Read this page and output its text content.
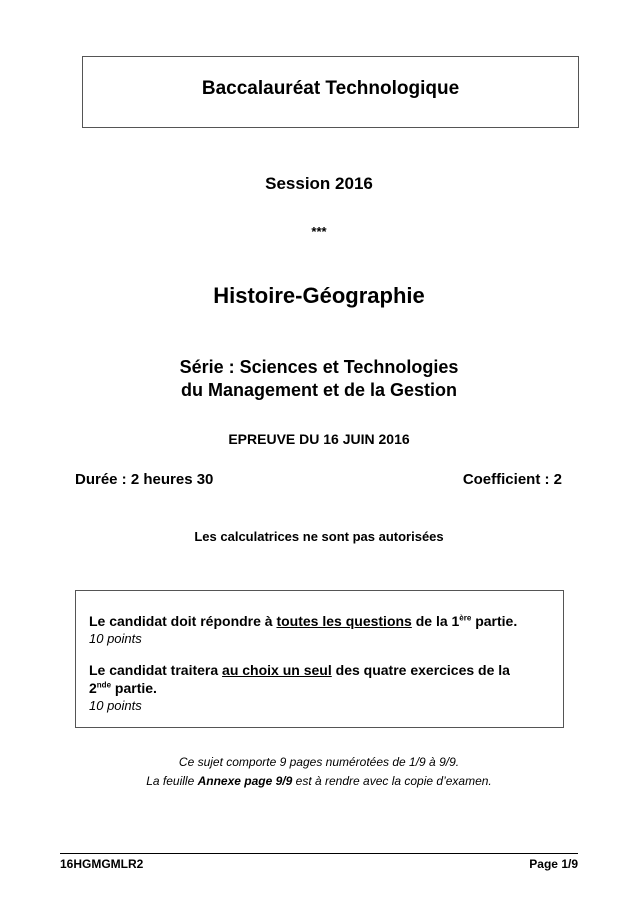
Baccalauréat Technologique
Session 2016
***
Histoire-Géographie
Série : Sciences et Technologies
du Management et de la Gestion
EPREUVE DU 16 JUIN 2016
Durée : 2 heures 30	Coefficient : 2
Les calculatrices ne sont pas autorisées
Le candidat doit répondre à toutes les questions de la 1ère partie.
10 points
Le candidat traitera au choix un seul des quatre exercices de la
2nde partie.
10 points
Ce sujet comporte 9 pages numérotées de 1/9 à 9/9.
La feuille Annexe page 9/9 est à rendre avec la copie d’examen.
16HGMGMLR2	Page 1/9
